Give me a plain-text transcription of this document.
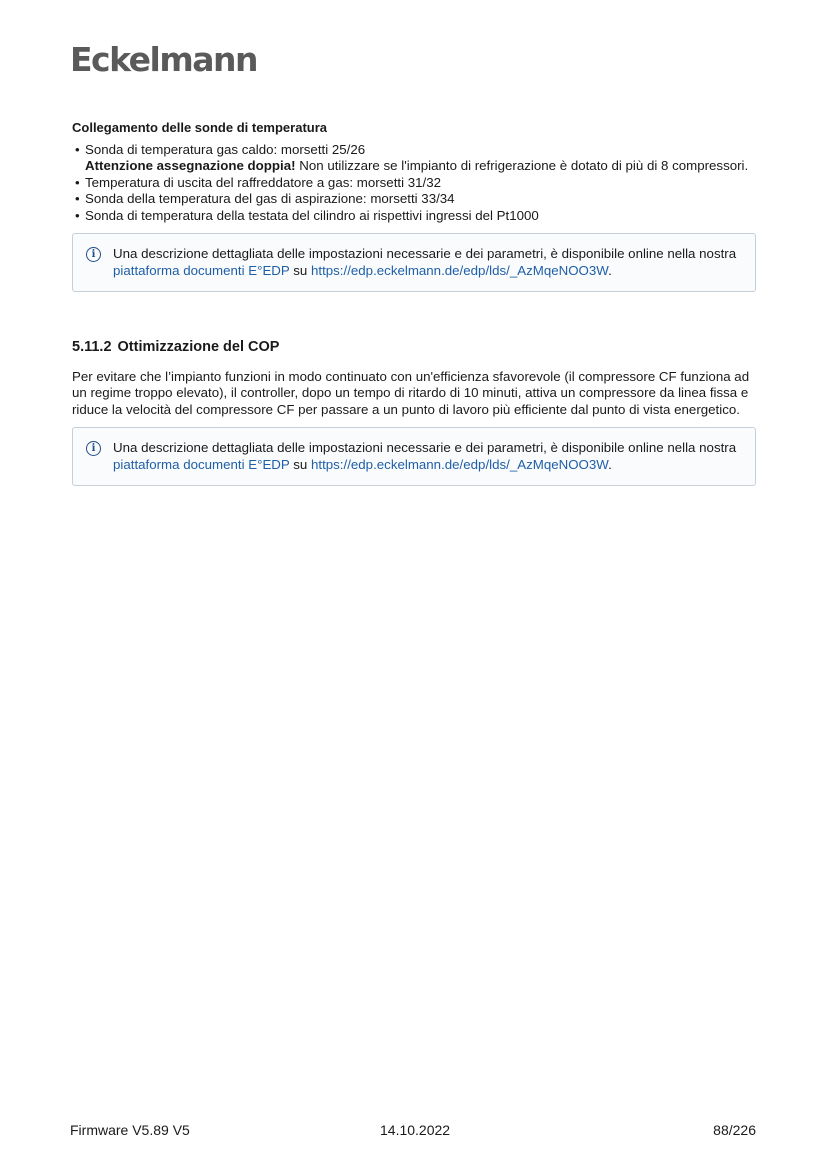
Eckelmann

Collegamento delle sonde di temperatura

• Sonda di temperatura gas caldo: morsetti 25/26
Attenzione assegnazione doppia! Non utilizzare se l'impianto di refrigerazione è dotato di più di 8 compressori.
• Temperatura di uscita del raffreddatore a gas: morsetti 31/32
• Sonda della temperatura del gas di aspirazione: morsetti 33/34
• Sonda di temperatura della testata del cilindro ai rispettivi ingressi del Pt1000
i	Una descrizione dettagliata delle impostazioni necessarie e dei parametri, è disponibile online nella nostra piattaforma documenti E°EDP su https://edp.eckelmann.de/edp/lds/_AzMqeNOO3W.
5.11.2 Ottimizzazione del COP

Per evitare che l’impianto funzioni in modo continuato con un'efficienza sfavorevole (il compressore CF funziona ad un regime troppo elevato), il controller, dopo un tempo di ritardo di 10 minuti, attiva un compressore da linea fissa e riduce la velocità del compressore CF per passare a un punto di lavoro più efficiente dal punto di vista energetico.

i	Una descrizione dettagliata delle impostazioni necessarie e dei parametri, è disponibile online nella nostra piattaforma documenti E°EDP su https://edp.eckelmann.de/edp/lds/_AzMqeNOO3W.
Firmware V5.89 V5	14.10.2022	88/226
